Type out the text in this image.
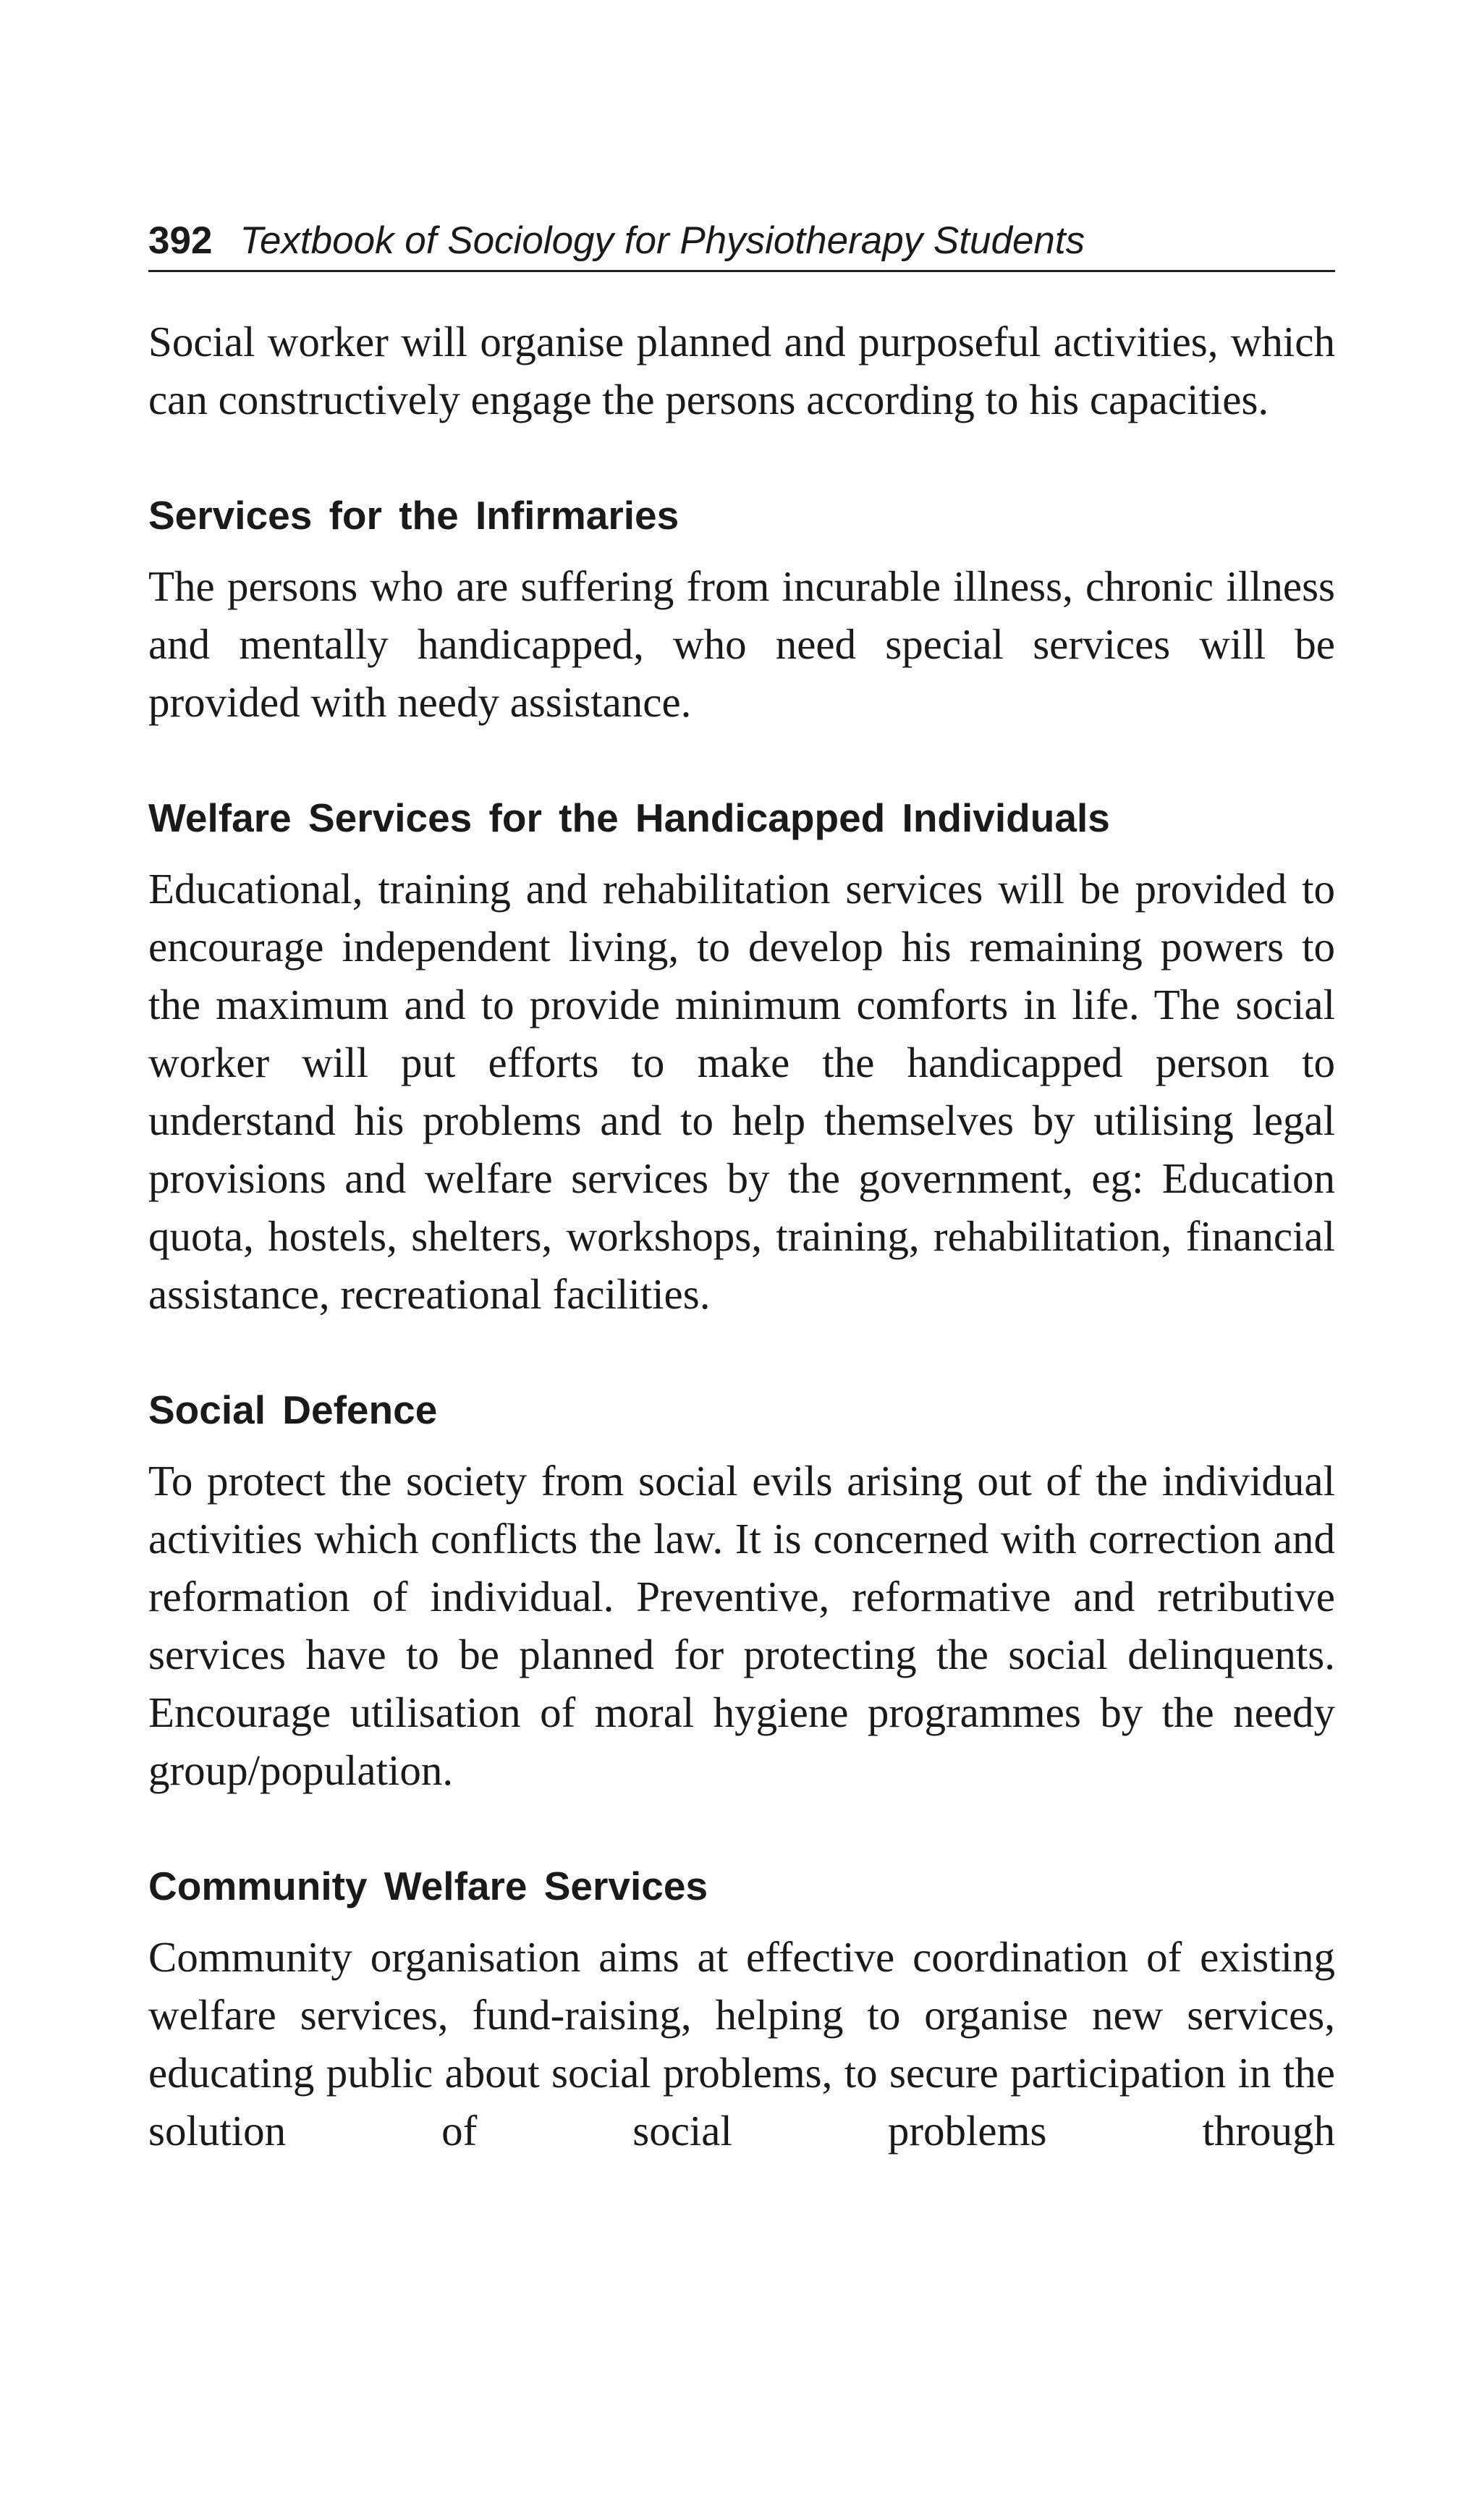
392 Textbook of Sociology for Physiotherapy Students

Social worker will organise planned and purposeful activities, which can constructively engage the persons according to his capacities.

Services for the Infirmaries

The persons who are suffering from incurable illness, chronic illness and mentally handicapped, who need special services will be provided with needy assistance.

Welfare Services for the Handicapped Individuals

Educational, training and rehabilitation services will be provided to encourage independent living, to develop his remaining powers to the maximum and to provide minimum comforts in life. The social worker will put efforts to make the handicapped person to understand his problems and to help themselves by utilising legal provisions and welfare services by the government, eg: Education quota, hostels, shelters, workshops, training, rehabilitation, financial assistance, recreational facilities.

Social Defence

To protect the society from social evils arising out of the individual activities which conflicts the law. It is concerned with correction and reformation of individual. Preventive, reformative and retributive services have to be planned for protecting the social delinquents. Encourage utilisation of moral hygiene programmes by the needy group/population.

Community Welfare Services

Community organisation aims at effective coordination of existing welfare services, fund-raising, helping to organise new services, educating public about social problems, to secure participation in the solution of social problems through
